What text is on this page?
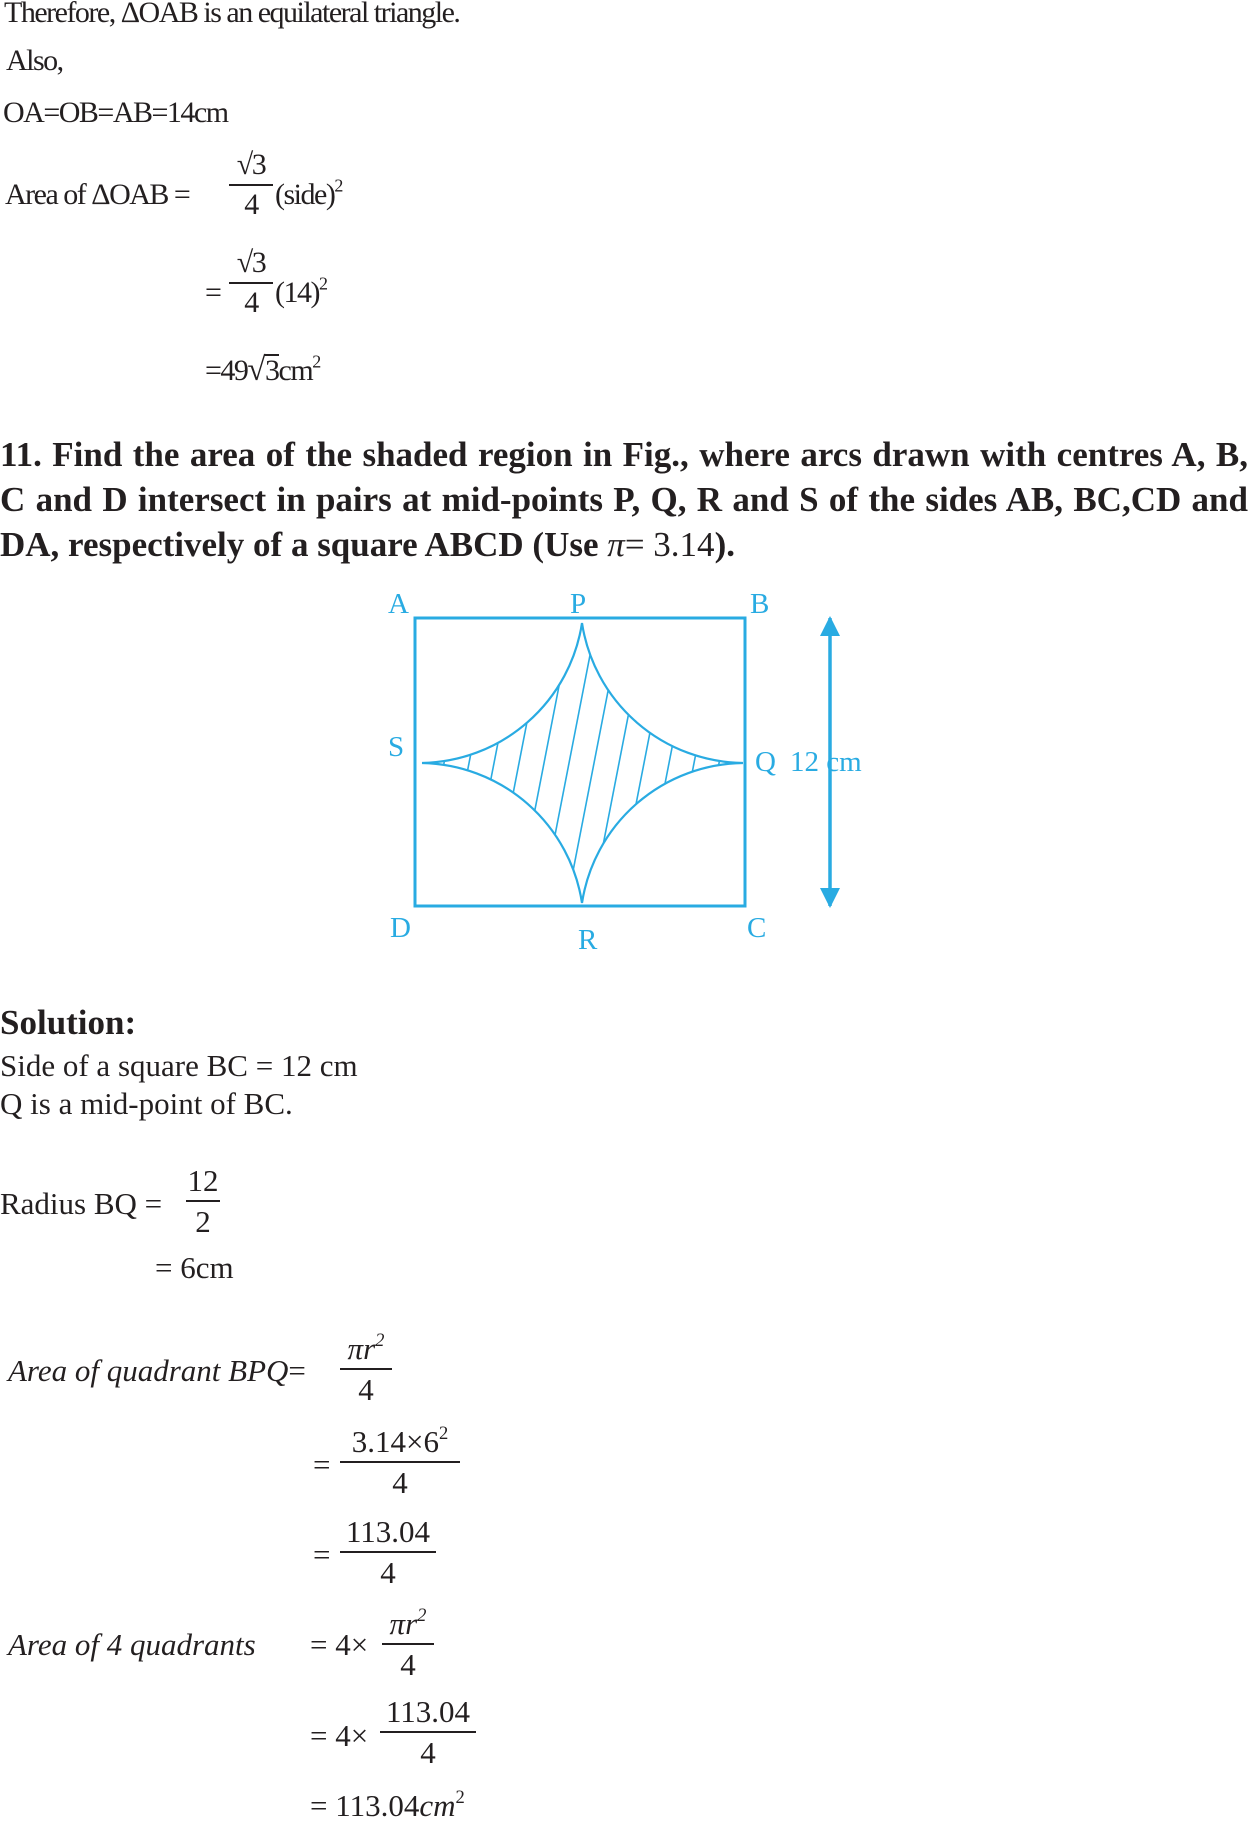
Therefore, ΔOAB is an equilateral triangle.
Also,
OA=OB=AB=14cm
Area of ΔOAB =
√3
4 (side)$^2$
=
√3
4 $(14)^2$
$=49√3cm^2$
11. Find the area of the shaded region in Fig., where arcs drawn with centres A, B, C and D intersect in pairs at mid-points P, Q, R and S of the sides AB, BC,CD and DA, respectively of a square ABCD (Use π= 3.14).
A	P	B
S	Q 12 cm
D	R	C
Solution:
Side of a square BC = 12 cm
Q is a mid-point of BC.
Radius BQ =
12
2
= 6cm
Area of quadrant BPQ=
$\pi r^2$
4
=
$3.14\times 6^2$
4
=
113.04
4
Area of 4 quadrants = 4×
$\pi r^2$
4
= 4×
113.04
4
= $113.04cm^2$
